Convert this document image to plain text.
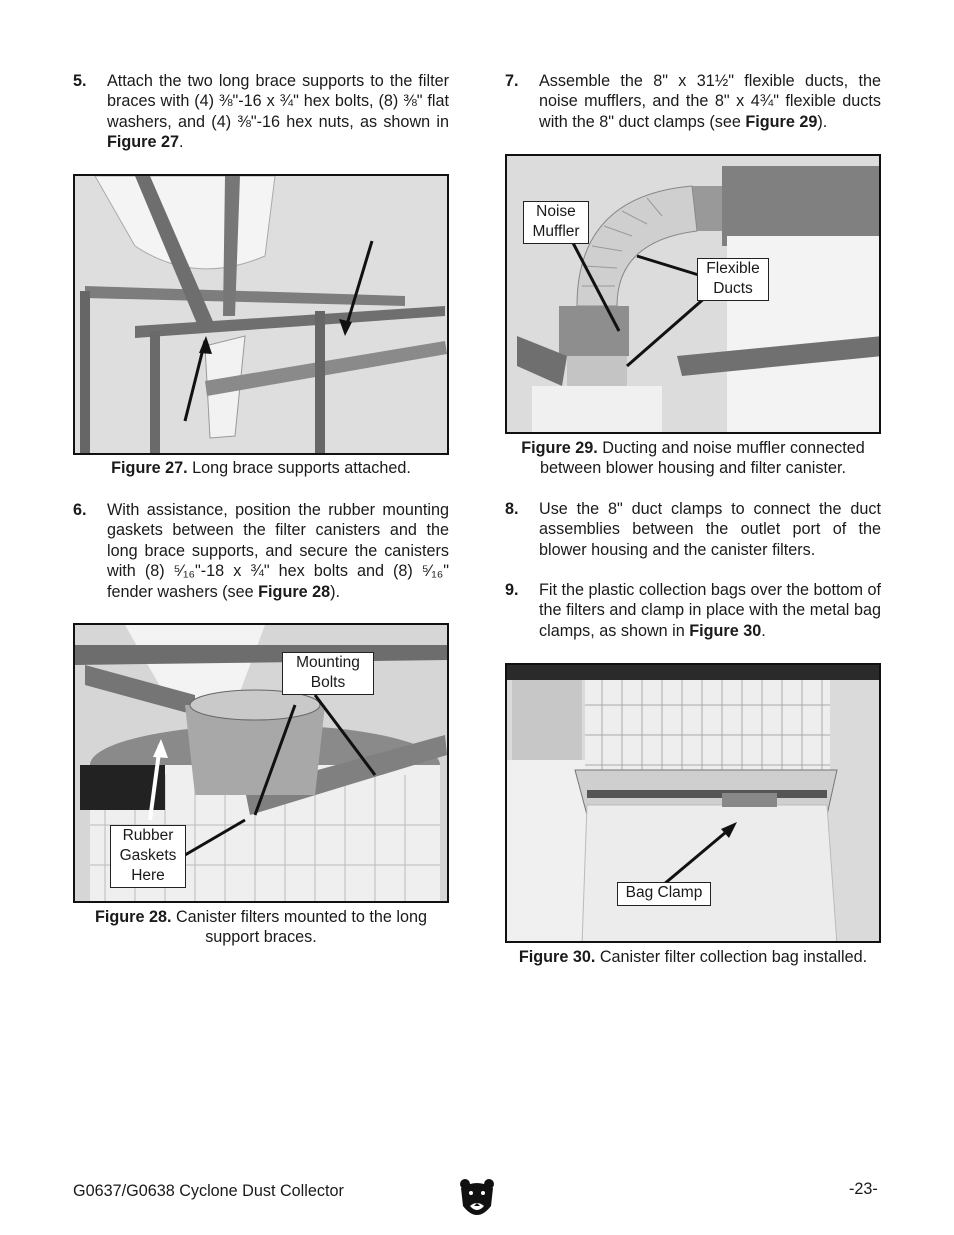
5. Attach the two long brace supports to the filter braces with (4) ⅜"-16 x ¾" hex bolts, (8) ⅜" flat washers, and (4) ⅜"-16 hex nuts, as shown in Figure 27.
Figure 27. Long brace supports attached.
6. With assistance, position the rubber mounting gaskets between the filter canisters and the long brace supports, and secure the canisters with (8) ⁵⁄₁₆"-18 x ¾" hex bolts and (8) ⁵⁄₁₆" fender washers (see Figure 28).
Mounting Bolts
Rubber Gaskets Here
Figure 28. Canister filters mounted to the long support braces.
7. Assemble the 8" x 31½" flexible ducts, the noise mufflers, and the 8" x 4¾" flexible ducts with the 8" duct clamps (see Figure 29).
Noise Muffler
Flexible Ducts
Figure 29. Ducting and noise muffler connected between blower housing and filter canister.
8. Use the 8" duct clamps to connect the duct assemblies between the outlet port of the blower housing and the canister filters.
9. Fit the plastic collection bags over the bottom of the filters and clamp in place with the metal bag clamps, as shown in Figure 30.
Bag Clamp
Figure 30. Canister filter collection bag installed.
G0637/G0638 Cyclone Dust Collector	-23-
